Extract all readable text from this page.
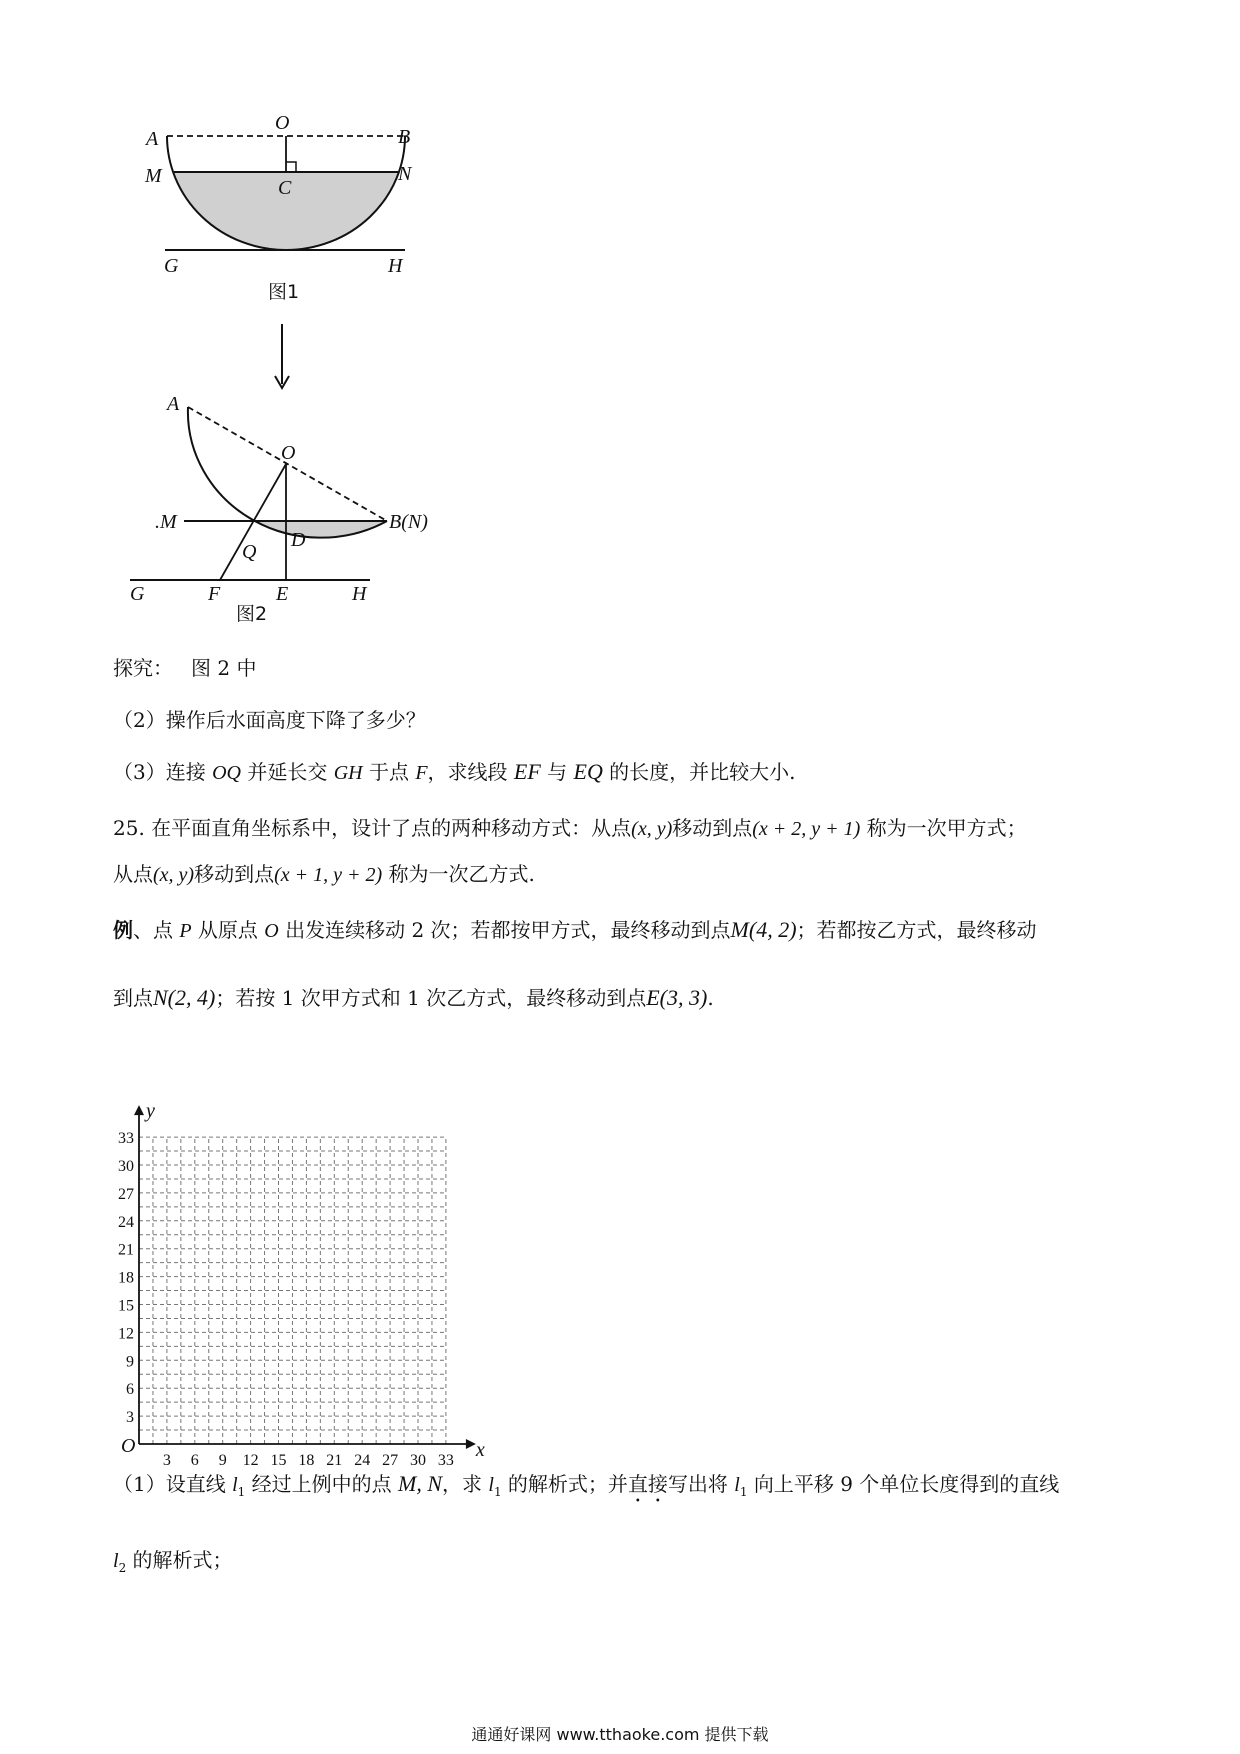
A
O
B
M
C
N
G	H
图1
A
O
.M	B(N)
D
Q
G	F	E	H
图2
探究： 图 2 中
（2）操作后水面高度下降了多少？
（3）连接 OQ 并延长交 GH 于点 F，求线段 EF 与 EQ 的长度，并比较大小.
25. 在平面直角坐标系中，设计了点的两种移动方式：从点(x, y)移动到点(x + 2, y + 1) 称为一次甲方式；
从点(x, y)移动到点(x + 1, y + 2) 称为一次乙方式.
例、点 P 从原点 O 出发连续移动 2 次；若都按甲方式，最终移动到点M(4, 2)；若都按乙方式，最终移动
到点N(2, 4)；若按 1 次甲方式和 1 次乙方式，最终移动到点E(3, 3).
x
y
O
3 6 9 12 15 18 21 24 27 30 33
3
6
9
12
15
18
21
24
27
30
33
（1）设直线 $l_1$ 经过上例中的点 M, N，求 $l_1$ 的解析式；并直接写出将 $l_1$ 向上平移 9 个单位长度得到的直线
$l_2$ 的解析式；
通通好课网 www.tthaoke.com 提供下载
